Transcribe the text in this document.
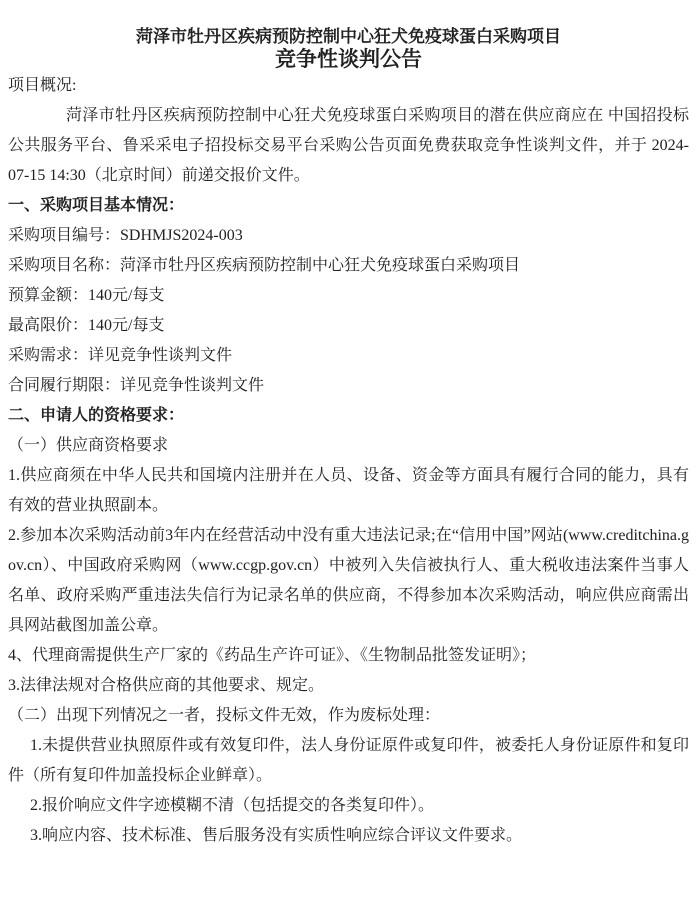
菏泽市牡丹区疾病预防控制中心狂犬免疫球蛋白采购项目

竞争性谈判公告

项目概况:

菏泽市牡丹区疾病预防控制中心狂犬免疫球蛋白采购项目的潜在供应商应在 中国招投标公共服务平台、鲁采采电子招投标交易平台采购公告页面免费获取竞争性谈判文件，并于 2024-07-15 14:30（北京时间）前递交报价文件。

一、采购项目基本情况：

采购项目编号：SDHMJS2024-003

采购项目名称：菏泽市牡丹区疾病预防控制中心狂犬免疫球蛋白采购项目

预算金额：140元/每支

最高限价：140元/每支

采购需求：详见竞争性谈判文件

合同履行期限：详见竞争性谈判文件

二、申请人的资格要求：

（一）供应商资格要求

1.供应商须在中华人民共和国境内注册并在人员、设备、资金等方面具有履行合同的能力，具有有效的营业执照副本。

2.参加本次采购活动前3年内在经营活动中没有重大违法记录;在“信用中国”网站(www.creditchina.gov.cn）、中国政府采购网（www.ccgp.gov.cn）中被列入失信被执行人、重大税收违法案件当事人名单、政府采购严重违法失信行为记录名单的供应商，不得参加本次采购活动，响应供应商需出具网站截图加盖公章。

4、代理商需提供生产厂家的《药品生产许可证》、《生物制品批签发证明》；

3.法律法规对合格供应商的其他要求、规定。

（二）出现下列情况之一者，投标文件无效，作为废标处理：

1.未提供营业执照原件或有效复印件，法人身份证原件或复印件，被委托人身份证原件和复印件（所有复印件加盖投标企业鲜章）。

2.报价响应文件字迹模糊不清（包括提交的各类复印件）。

3.响应内容、技术标准、售后服务没有实质性响应综合评议文件要求。
